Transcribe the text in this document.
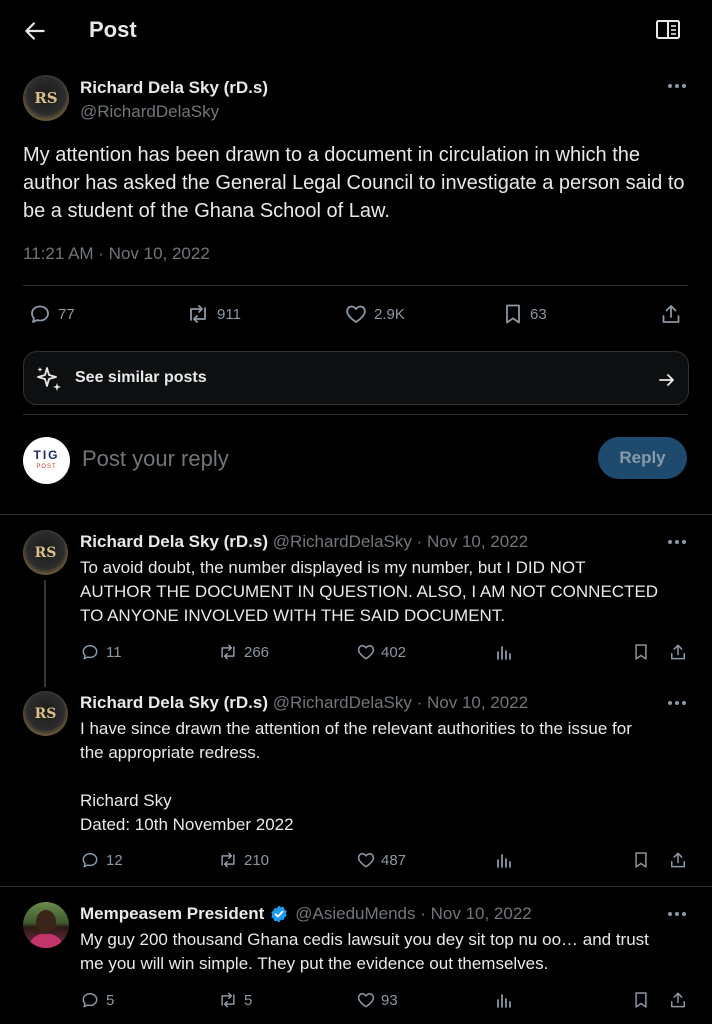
Post
RS
Richard Dela Sky (rD.s)
@RichardDelaSky
My attention has been drawn to a document in circulation in which the author has asked the General Legal Council to investigate a person said to be a student of the Ghana School of Law.
11:21 AM · Nov 10, 2022
77	911	2.9K	63
See similar posts
TIG
POST	Post your reply	Reply
RS
Richard Dela Sky (rD.s) @RichardDelaSky · Nov 10, 2022
To avoid doubt, the number displayed is my number, but I DID NOT
AUTHOR THE DOCUMENT IN QUESTION. ALSO, I AM NOT CONNECTED
TO ANYONE INVOLVED WITH THE SAID DOCUMENT.
11	266	402
RS
Richard Dela Sky (rD.s) @RichardDelaSky · Nov 10, 2022
I have since drawn the attention of the relevant authorities to the issue for
the appropriate redress.
Richard Sky
Dated: 10th November 2022
12	210	487
Mempeasem President @AsieduMends · Nov 10, 2022
My guy 200 thousand Ghana cedis lawsuit you dey sit top nu oo… and trust
me you will win simple. They put the evidence out themselves.
5	5	93
